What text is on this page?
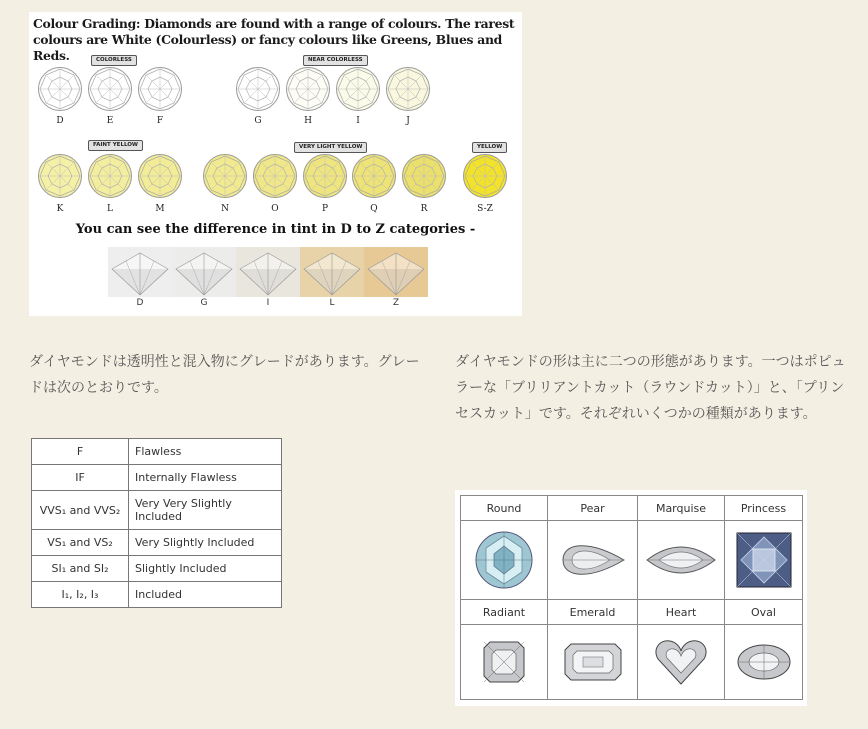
Colour Grading: Diamonds are found with a range of colours. The rarest colours are White (Colourless) or fancy colours like Greens, Blues and Reds.	COLORLESS	NEAR COLORLESS
FAINT YELLOW	VERY LIGHT YELLOW	YELLOW
You can see the difference in tint in D to Z categories -
D	G	I	L	Z
D	E	F	G	H	I	J
K	L	M	N	O	P	Q	R	S-Z
ダイヤモンドは透明性と混入物にグレードがあります。グレードは次のとおりです。
ダイヤモンドの形は主に二つの形態があります。一つはポピュラーな「ブリリアントカット（ラウンドカット）」と、「プリンセスカット」です。それぞれいくつかの種類があります。
F	Flawless
IF	Internally Flawless
VVS₁ and VVS₂	Very Very Slightly Included
VS₁ and VS₂	Very Slightly Included
SI₁ and SI₂	Slightly Included
I₁, I₂, I₃	Included
Round	Pear	Marquise	Princess

Radiant	Emerald	Heart	Oval
